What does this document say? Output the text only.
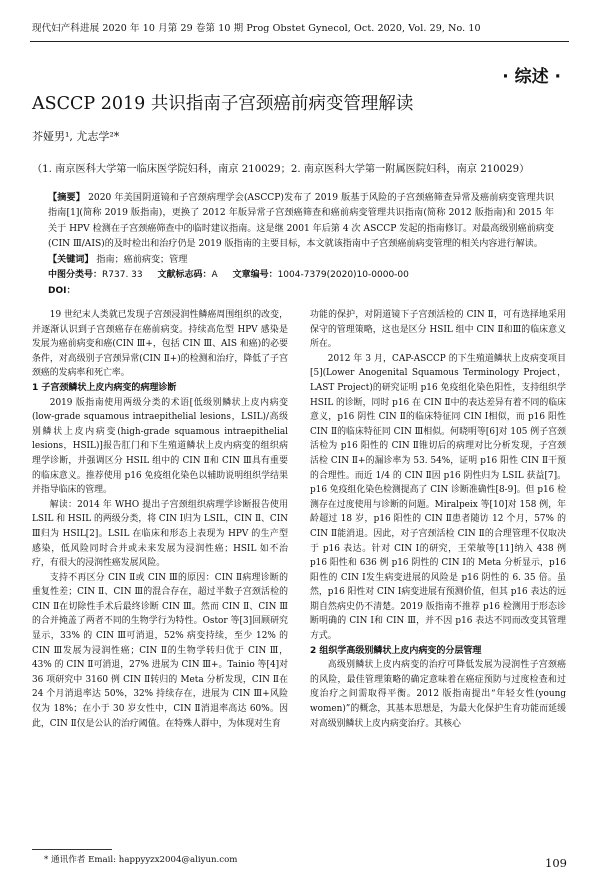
现代妇产科进展 2020 年 10 月第 29 卷第 10 期 Prog Obstet Gynecol, Oct. 2020, Vol. 29, No. 10
· 综述 ·
ASCCP 2019 共识指南子宫颈癌前病变管理解读
芥娅男¹, 尤志学²*
（1. 南京医科大学第一临床医学院妇科，南京 210029；2. 南京医科大学第一附属医院妇科，南京 210029）
【摘要】 2020 年美国阴道镜和子宫颈病理学会(ASCCP)发布了 2019 版基于风险的子宫颈癌筛查异常及癌前病变管理共识指南[1](简称 2019 版指南)，更换了 2012 年版异常子宫颈癌筛查和癌前病变管理共识指南(简称 2012 版指南)和 2015 年关于 HPV 检测在子宫颈癌筛查中的临时建议指南。这是继 2001 年后第 4 次 ASCCP 发起的指南修订。对最高级别癌前病变(CIN Ⅲ/AIS)的及时检出和治疗仍是 2019 版指南的主要目标，本文就该指南中子宫颈癌前病变管理的相关内容进行解读。
【关键词】 指南；癌前病变；管理
中图分类号：R737. 33 文献标志码：A 文章编号：1004-7379(2020)10-0000-00
DOI：

19 世纪末人类就已发现子宫颈浸润性鳞癌周围组织的改变，并逐渐认识到子宫颈癌存在癌前病变。持续高危型 HPV 感染是发展为癌前病变和癌(CIN Ⅲ+，包括 CIN Ⅲ、AIS 和癌)的必要条件，对高级别子宫颈异常(CIN Ⅱ+)的检测和治疗，降低了子宫颈癌的发病率和死亡率。

1 子宫颈鳞状上皮内病变的病理诊断

2019 版指南使用两级分类的术语[低级别鳞状上皮内病变(low-grade squamous intraepithelial lesions，LSIL)/高级别鳞状上皮内病变(high-grade squamous intraepithelial lesions，HSIL)]报告肛门和下生殖道鳞状上皮内病变的组织病理学诊断，并强调区分 HSIL 组中的 CIN Ⅱ和 CIN Ⅲ具有重要的临床意义。推荐使用 p16 免疫组化染色以辅助说明组织学结果并指导临床的管理。

解读：2014 年 WHO 提出子宫颈组织病理学诊断报告使用 LSIL 和 HSIL 的两级分类，将 CIN Ⅰ归为 LSIL，CIN Ⅱ、CIN Ⅲ归为 HSIL[2]。LSIL 在临床和形态上表现为 HPV 的生产型感染，低风险同时合并或未来发展为浸润性癌；HSIL 如不治疗，有很大的浸润性癌发展风险。

支持不再区分 CIN Ⅱ或 CIN Ⅲ的原因：CIN Ⅱ病理诊断的重复性差；CIN Ⅱ、CIN Ⅲ的混合存在，超过半数子宫颈活检的 CIN Ⅱ在切除性手术后最终诊断 CIN Ⅲ。然而 CIN Ⅱ、CIN Ⅲ的合并掩盖了两者不同的生物学行为特性。Ostor 等[3]回顾研究显示，33% 的 CIN Ⅲ可消退，52% 病变持续，至少 12% 的 CIN Ⅲ发展为浸润性癌；CIN Ⅱ的生物学转归优于 CIN Ⅲ，43% 的 CIN Ⅱ可消退，27% 进展为 CIN Ⅲ+。Tainio 等[4]对 36 项研究中 3160 例 CIN Ⅱ转归的 Meta 分析发现，CIN Ⅱ在 24 个月消退率达 50%，32% 持续存在，进展为 CIN Ⅲ+风险仅为 18%；在小于 30 岁女性中，CIN Ⅱ消退率高达 60%。因此，CIN Ⅱ仅是公认的治疗阈值。在特殊人群中，为体现对生育

功能的保护，对阴道镜下子宫颈活检的 CIN Ⅱ，可有选择地采用保守的管理策略，这也是区分 HSIL 组中 CIN Ⅱ和Ⅲ的临床意义所在。

2012 年 3 月，CAP-ASCCP 的下生殖道鳞状上皮病变项目[5](Lower Anogenital Squamous Terminology Project，LAST Project)的研究证明 p16 免疫组化染色阳性，支持组织学 HSIL 的诊断，同时 p16 在 CIN Ⅱ中的表达差异有着不同的临床意义，p16 阴性 CIN Ⅱ的临床特征同 CIN Ⅰ相似，而 p16 阳性 CIN Ⅱ的临床特征同 CIN Ⅲ相似。何晓明等[6]对 105 例子宫颈活检为 p16 阳性的 CIN Ⅱ锥切后的病理对比分析发现，子宫颈活检 CIN Ⅱ+的漏诊率为 53. 54%，证明 p16 阳性 CIN Ⅱ干预的合理性。而近 1/4 的 CIN Ⅱ因 p16 阴性归为 LSIL 获益[7]。p16 免疫组化染色检测提高了 CIN 诊断准确性[8-9]。但 p16 检测存在过度使用与诊断的问题。Miralpeix 等[10]对 158 例，年龄超过 18 岁，p16 阳性的 CIN Ⅱ患者随访 12 个月，57% 的 CIN Ⅱ能消退。因此，对子宫颈活检 CIN Ⅱ的合理管理不仅取决于 p16 表达。针对 CIN Ⅰ的研究，王荣敏等[11]纳入 438 例 p16 阳性和 636 例 p16 阴性的 CIN Ⅰ的 Meta 分析显示，p16 阳性的 CIN Ⅰ发生病变进展的风险是 p16 阴性的 6. 35 倍。虽然，p16 阳性对 CIN Ⅰ病变进展有预测价值，但其 p16 表达的远期自然病史仍不清楚。2019 版指南不推荐 p16 检测用于形态诊断明确的 CIN Ⅰ和 CIN Ⅲ，并不因 p16 表达不同而改变其管理方式。

2 组织学高级别鳞状上皮内病变的分层管理

高级别鳞状上皮内病变的治疗可降低发展为浸润性子宫颈癌的风险，最佳管理策略的确定意味着在癌症预防与过度检查和过度治疗之间需取得平衡。2012 版指南提出“年轻女性(young women)”的概念，其基本思想是，为最大化保护生育功能而延缓对高级别鳞状上皮内病变治疗。其核心

* 通讯作者 Email: happyyzx2004@aliyun.com	109
